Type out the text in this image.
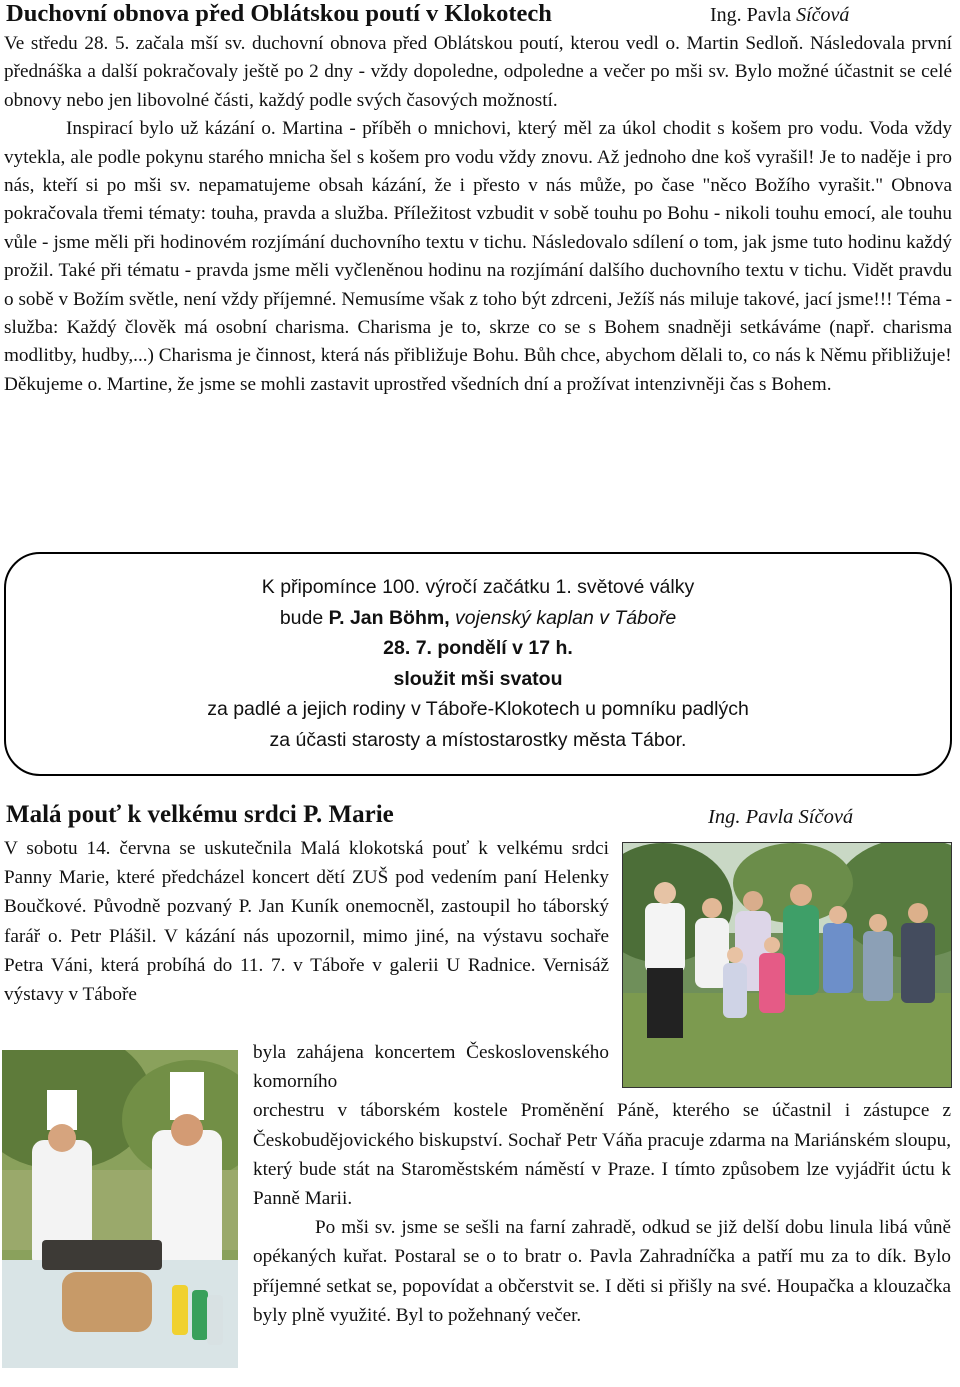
Duchovní obnova před Oblátskou poutí v Klokotech	Ing. Pavla Síčová

Ve středu 28. 5. začala mší sv. duchovní obnova před Oblátskou poutí, kterou vedl o. Martin Sedloň. Následovala první přednáška a další pokračovaly ještě po 2 dny - vždy dopoledne, odpoledne a večer po mši sv. Bylo možné účastnit se celé obnovy nebo jen libovolné části, každý podle svých časových možností.

Inspirací bylo už kázání o. Martina - příběh o mnichovi, který měl za úkol chodit s košem pro vodu. Voda vždy vytekla, ale podle pokynu starého mnicha šel s košem pro vodu vždy znovu. Až jednoho dne koš vyrašil! Je to naděje i pro nás, kteří si po mši sv. nepamatujeme obsah kázání, že i přesto v nás může, po čase "něco Božího vyrašit." Obnova pokračovala třemi tématy: touha, pravda a služba. Příležitost vzbudit v sobě touhu po Bohu - nikoli touhu emocí, ale touhu vůle - jsme měli při hodinovém rozjímání duchovního textu v tichu. Následovalo sdílení o tom, jak jsme tuto hodinu každý prožil. Také při tématu - pravda jsme měli vyčleněnou hodinu na rozjímání dalšího duchovního textu v tichu. Vidět pravdu o sobě v Božím světle, není vždy příjemné. Nemusíme však z toho být zdrceni, Ježíš nás miluje takové, jací jsme!!! Téma - služba: Každý člověk má osobní charisma. Charisma je to, skrze co se s Bohem snadněji setkáváme (např. charisma modlitby, hudby,...) Charisma je činnost, která nás přibližuje Bohu. Bůh chce, abychom dělali to, co nás k Němu přibližuje!

Děkujeme o. Martine, že jsme se mohli zastavit uprostřed všedních dní a prožívat intenzivněji čas s Bohem.

K připomínce 100. výročí začátku 1. světové války
bude P. Jan Böhm, vojenský kaplan v Táboře
28. 7. pondělí v 17 h.
sloužit mši svatou
za padlé a jejich rodiny v Táboře-Klokotech u pomníku padlých
za účasti starosty a místostarostky města Tábor.
Malá pouť k velkému srdci P. Marie	Ing. Pavla Síčová
V sobotu 14. června se uskutečnila Malá klokotská pouť k velkému srdci Panny Marie, které předcházel koncert dětí ZUŠ pod vedením paní Helenky Boučkové. Původně pozvaný P. Jan Kuník onemocněl, zastoupil ho táborský farář o. Petr Plášil. V kázání nás upozornil, mimo jiné, na výstavu sochaře Petra Váni, která probíhá do 11. 7. v Táboře v galerii U Radnice. Vernisáž výstavy v Táboře
byla zahájena koncertem Československého komorního
orchestru v táborském kostele Proměnění Páně, kterého se účastnil i zástupce z Českobudějovického biskupství. Sochař Petr Váňa pracuje zdarma na Mariánském sloupu, který bude stát na Staroměstském náměstí v Praze. I tímto způsobem lze vyjádřit úctu k Panně Marii.
Po mši sv. jsme se sešli na farní zahradě, odkud se již delší dobu linula libá vůně opékaných kuřat. Postaral se o to bratr o. Pavla Zahradníčka a patří mu za to dík. Bylo příjemné setkat se, popovídat a občerstvit se. I děti si přišly na své. Houpačka a klouzačka byly plně využité. Byl to požehnaný večer.
